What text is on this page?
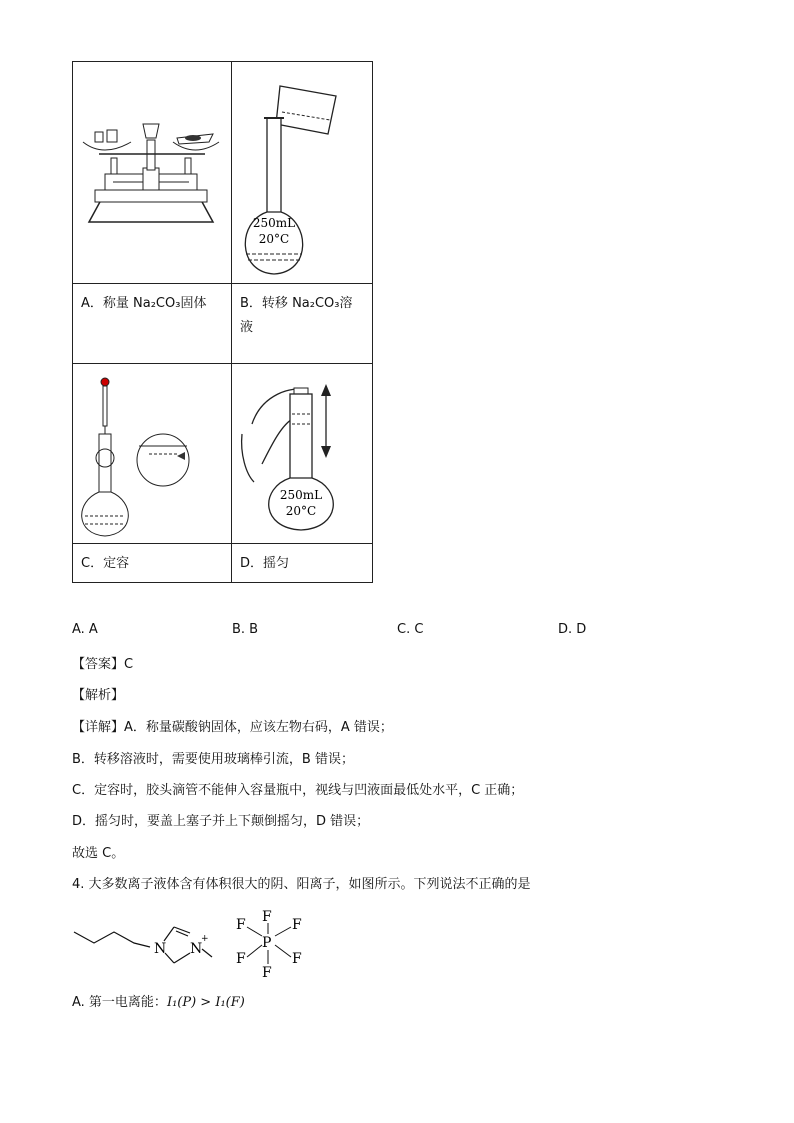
250mL
20°C
A．称量 Na₂CO₃固体	B．转移 Na₂CO₃溶液
250mL
20°C
C．定容	D．摇匀
A. A	B. B	C. C	D. D
【答案】C
【解析】
【详解】A．称量碳酸钠固体，应该左物右码，A 错误；
B．转移溶液时，需要使用玻璃棒引流，B 错误；
C．定容时，胶头滴管不能伸入容量瓶中，视线与凹液面最低处水平，C 正确；
D．摇匀时，要盖上塞子并上下颠倒摇匀，D 错误；
故选 C。
4. 大多数离子液体含有体积很大的阴、阳离子，如图所示。下列说法不正确的是
N N
+
F
F	F
P
F	F
F
A. 第一电离能：I₁(P) > I₁(F)
